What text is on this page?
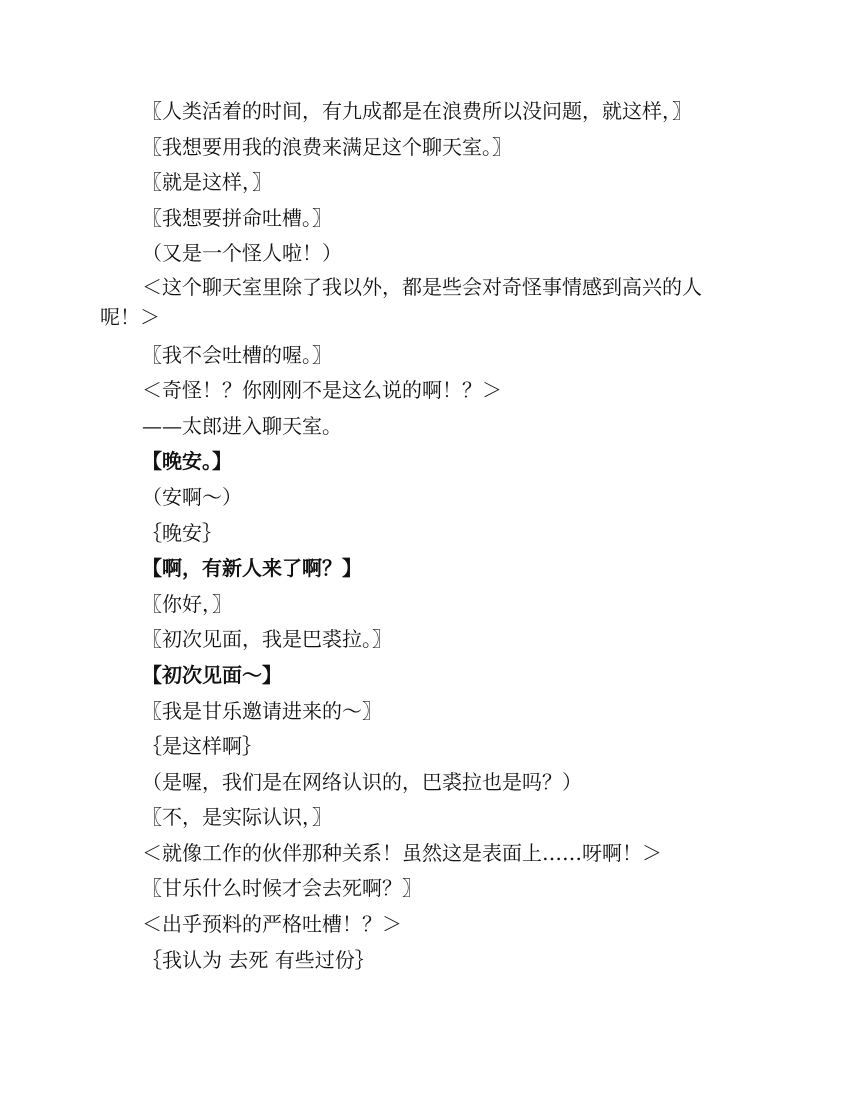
〖人类活着的时间，有九成都是在浪费所以没问题，就这样，〗

〖我想要用我的浪费来满足这个聊天室。〗

〖就是这样，〗

〖我想要拼命吐槽。〗

（又是一个怪人啦！）

＜这个聊天室里除了我以外，都是些会对奇怪事情感到高兴的人呢！＞

〖我不会吐槽的喔。〗

＜奇怪！？你刚刚不是这么说的啊！？＞

——太郎进入聊天室。

【晚安。】

（安啊～）

｛晚安｝

【啊，有新人来了啊？】

〖你好，〗

〖初次见面，我是巴裘拉。〗

【初次见面～】

〖我是甘乐邀请进来的～〗

｛是这样啊｝

（是喔，我们是在网络认识的，巴裘拉也是吗？）

〖不，是实际认识，〗

＜就像工作的伙伴那种关系！虽然这是表面上……呀啊！＞

〖甘乐什么时候才会去死啊？〗

＜出乎预料的严格吐槽！？＞

｛我认为 去死 有些过份｝
